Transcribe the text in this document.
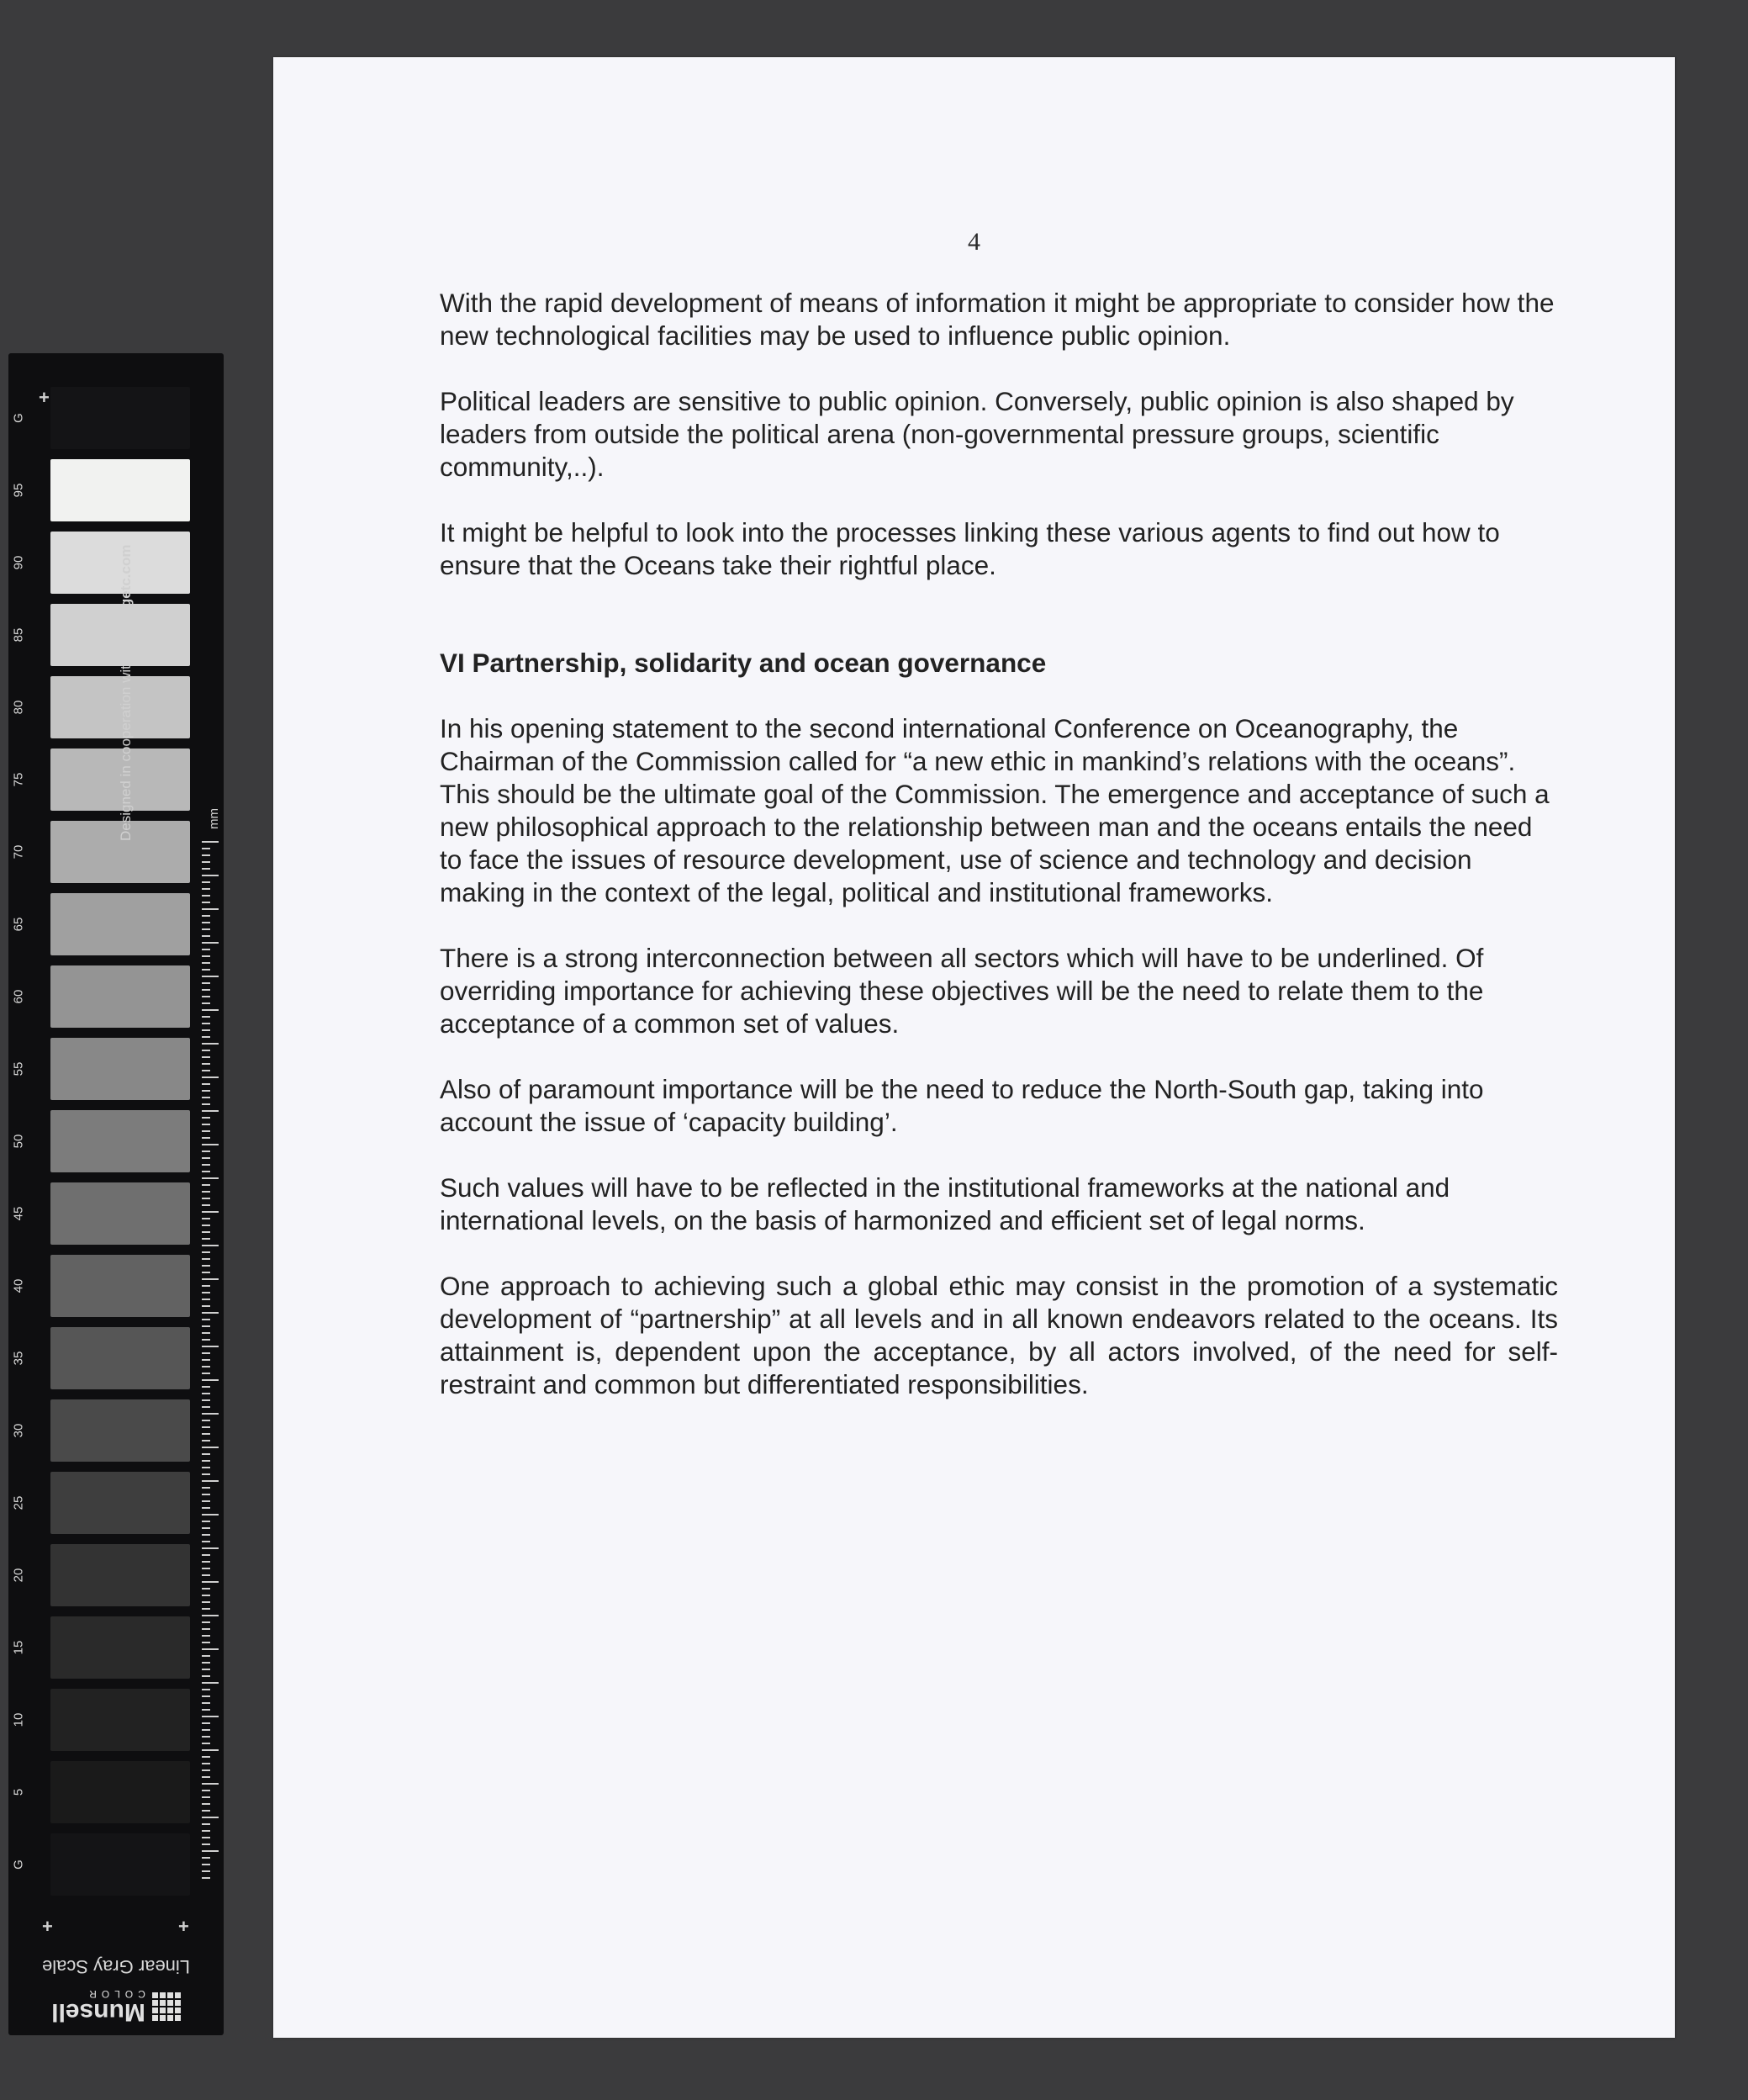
+
G
95
90
85
80
75
70
65
60
55
50
45
40
35
30
25
20
15
10
5
G
Designed in cooperation with imagingetc.com
mm
+	+
Linear Gray Scale
Munsell
COLOR
4

With the rapid development of means of information it might be appropriate to consider how the new technological facilities may be used to influence public opinion.

Political leaders are sensitive to public opinion. Conversely, public opinion is also shaped by leaders from outside the political arena (non-governmental pressure groups, scientific community,..).

It might be helpful to look into the processes linking these various agents to find out how to ensure that the Oceans take their rightful place.

VI Partnership, solidarity and ocean governance

In his opening statement to the second international Conference on Oceanography, the Chairman of the Commission called for “a new ethic in mankind’s relations with the oceans”. This should be the ultimate goal of the Commission. The emergence and acceptance of such a new philosophical approach to the relationship between man and the oceans entails the need to face the issues of resource development, use of science and technology and decision making in the context of the legal, political and institutional frameworks.

There is a strong interconnection between all sectors which will have to be underlined. Of overriding importance for achieving these objectives will be the need to relate them to the acceptance of a common set of values.

Also of paramount importance will be the need to reduce the North-South gap, taking into account the issue of ‘capacity building’.

Such values will have to be reflected in the institutional frameworks at the national and international levels, on the basis of harmonized and efficient set of legal norms.

One approach to achieving such a global ethic may consist in the promotion of a systematic development of “partnership” at all levels and in all known endeavors related to the oceans. Its attainment is, dependent upon the acceptance, by all actors involved, of the need for self-restraint and common but differentiated responsibilities.
